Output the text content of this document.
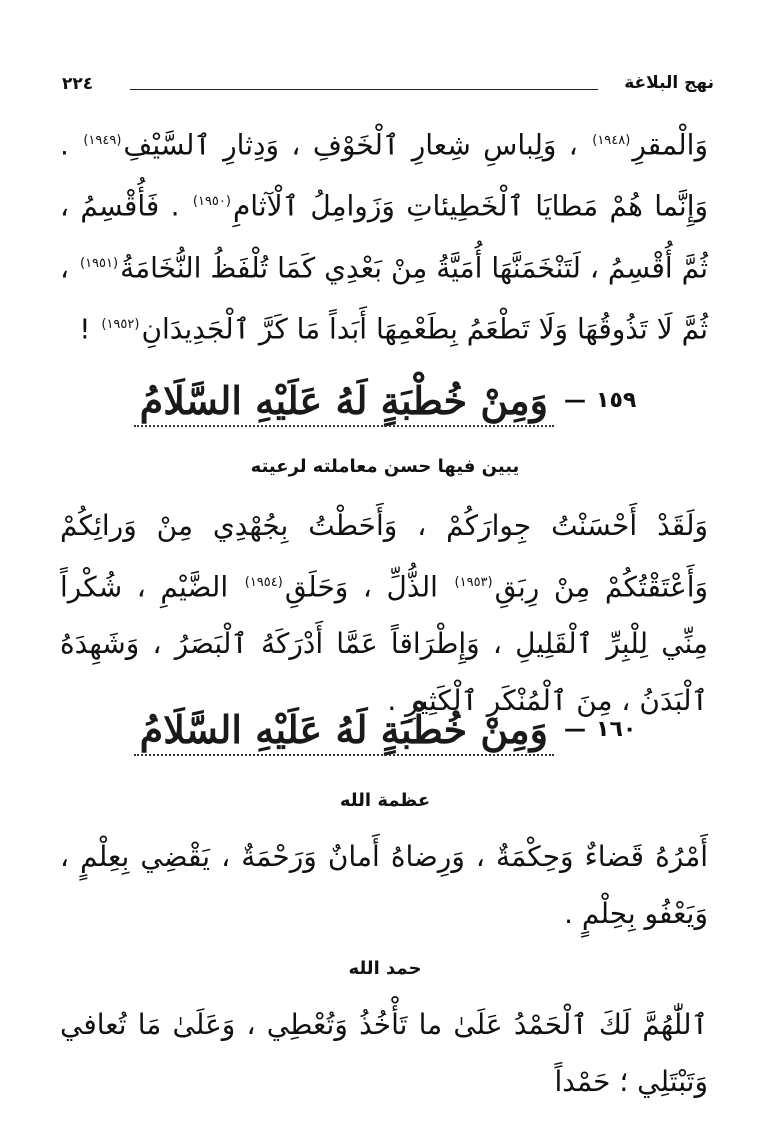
٢٢٤	نهج البلاغة
وَالْمقرِ$^{(١٩٤٨)}$ ، وَلِباسِ شِعارِ ٱلْخَوْفِ ، وَدِثارِ ٱلسَّيْفِ$^{(١٩٤٩)}$ . وَإِنَّما هُمْ مَطايَا ٱلْخَطِيئاتِ وَزَوامِلُ ٱلْآثامِ$^{(١٩٥٠)}$ . فَأُقْسِمُ ، ثُمَّ أُقْسِمُ ، لَتَنْخَمَنَّهَا أُمَيَّةُ مِنْ بَعْدِي كَمَا تُلْفَظُ النُّخَامَةُ$^{(١٩٥١)}$ ، ثُمَّ لَا تَذُوقُهَا وَلَا تَطْعَمُ بِطَعْمِهَا أَبَداً مَا كَرَّ ٱلْجَدِيدَانِ$^{(١٩٥٢)}$ !
١٥٩
—
وَمِنْ خُطْبَةٍ لَهُ عَلَيْهِ السَّلَامُ
يبين فيها حسن معاملته لرعيته
وَلَقَدْ أَحْسَنْتُ جِوارَكُمْ ، وَأَحَطْتُ بِجُهْدِي مِنْ وَرائِكُمْ وَأَعْتَقْتُكُمْ مِنْ رِبَقِ$^{(١٩٥٣)}$ الذُّلِّ ، وَحَلَقِ$^{(١٩٥٤)}$ الضَّيْمِ ، شُكْراً مِنِّي لِلْبِرِّ ٱلْقَلِيلِ ، وَإِطْرَاقاً عَمَّا أَدْرَكَهُ ٱلْبَصَرُ ، وَشَهِدَهُ ٱلْبَدَنُ ، مِنَ ٱلْمُنْكَرِ ٱلْكَثِيرِ .
١٦٠
—
وَمِنْ خُطْبَةٍ لَهُ عَلَيْهِ السَّلَامُ
عظمة الله
أَمْرُهُ قَضاءٌ وَحِكْمَةٌ ، وَرِضاهُ أَمانٌ وَرَحْمَةٌ ، يَقْضِي بِعِلْمٍ ، وَيَعْفُو بِحِلْمٍ .
حمد الله
ٱللّٰهُمَّ لَكَ ٱلْحَمْدُ عَلَىٰ ما تَأْخُذُ وَتُعْطِي ، وَعَلَىٰ مَا تُعافي وَتَبْتَلِي ؛ حَمْداً
